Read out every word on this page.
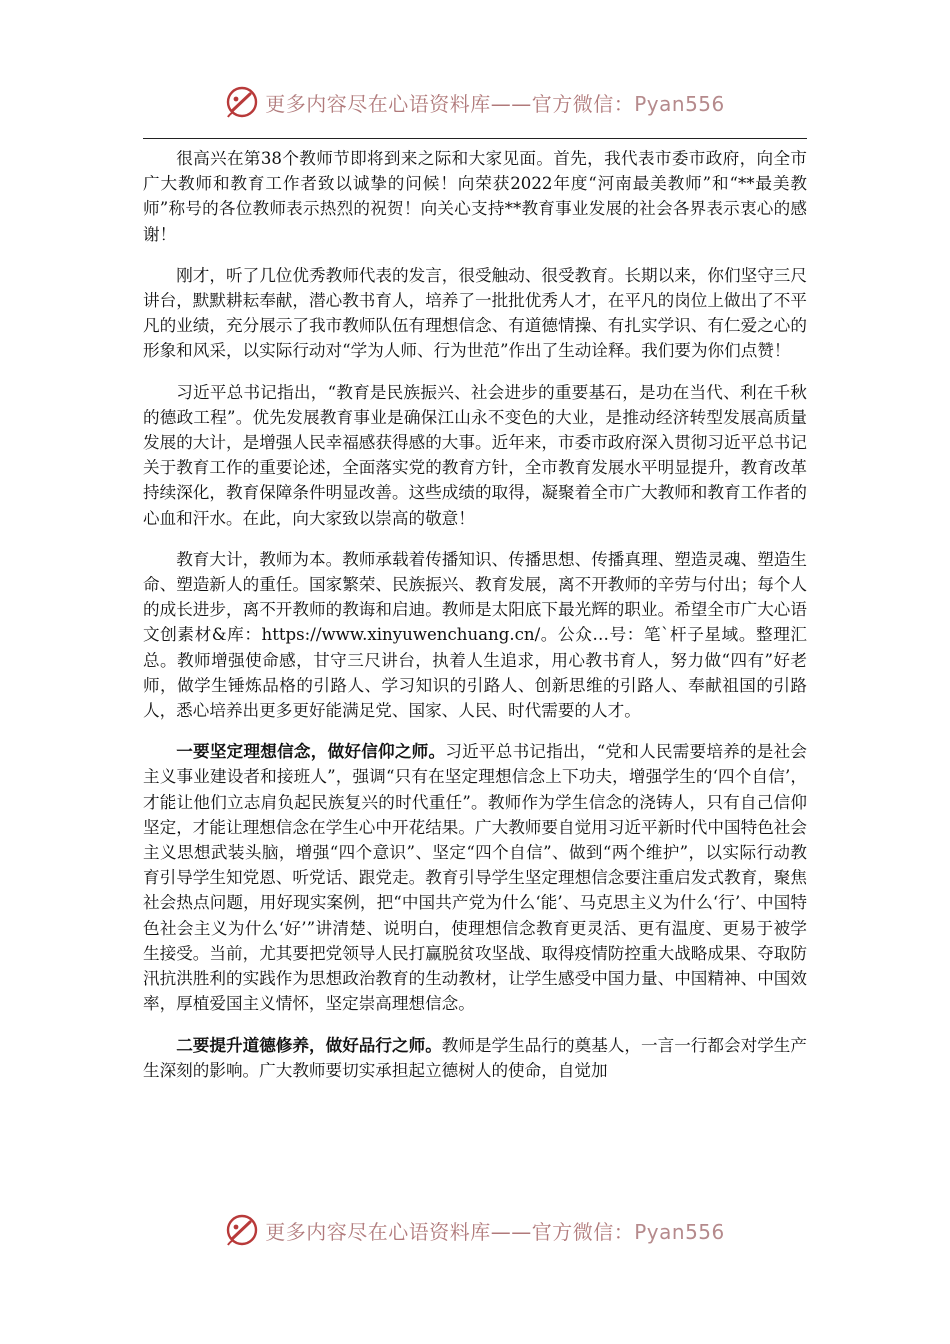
更多内容尽在心语资料库——官方微信：Pyan556

很高兴在第38个教师节即将到来之际和大家见面。首先，我代表市委市政府，向全市广大教师和教育工作者致以诚挚的问候！向荣获2022年度“河南最美教师”和“**最美教师”称号的各位教师表示热烈的祝贺！向关心支持**教育事业发展的社会各界表示衷心的感谢！

刚才，听了几位优秀教师代表的发言，很受触动、很受教育。长期以来，你们坚守三尺讲台，默默耕耘奉献，潜心教书育人，培养了一批批优秀人才，在平凡的岗位上做出了不平凡的业绩，充分展示了我市教师队伍有理想信念、有道德情操、有扎实学识、有仁爱之心的形象和风采，以实际行动对“学为人师、行为世范”作出了生动诠释。我们要为你们点赞！

习近平总书记指出，“教育是民族振兴、社会进步的重要基石，是功在当代、利在千秋的德政工程”。优先发展教育事业是确保江山永不变色的大业，是推动经济转型发展高质量发展的大计，是增强人民幸福感获得感的大事。近年来，市委市政府深入贯彻习近平总书记关于教育工作的重要论述，全面落实党的教育方针，全市教育发展水平明显提升，教育改革持续深化，教育保障条件明显改善。这些成绩的取得，凝聚着全市广大教师和教育工作者的心血和汗水。在此，向大家致以崇高的敬意！

教育大计，教师为本。教师承载着传播知识、传播思想、传播真理、塑造灵魂、塑造生命、塑造新人的重任。国家繁荣、民族振兴、教育发展，离不开教师的辛劳与付出；每个人的成长进步，离不开教师的教诲和启迪。教师是太阳底下最光辉的职业。希望全市广大心语文创素材&库：https://www.xinyuwenchuang.cn/。公众…号：笔`杆子星域。整理汇总。教师增强使命感，甘守三尺讲台，执着人生追求，用心教书育人，努力做“四有”好老师，做学生锤炼品格的引路人、学习知识的引路人、创新思维的引路人、奉献祖国的引路人，悉心培养出更多更好能满足党、国家、人民、时代需要的人才。

一要坚定理想信念，做好信仰之师。习近平总书记指出，“党和人民需要培养的是社会主义事业建设者和接班人”，强调“只有在坚定理想信念上下功夫，增强学生的‘四个自信’，才能让他们立志肩负起民族复兴的时代重任”。教师作为学生信念的浇铸人，只有自己信仰坚定，才能让理想信念在学生心中开花结果。广大教师要自觉用习近平新时代中国特色社会主义思想武装头脑，增强“四个意识”、坚定“四个自信”、做到“两个维护”，以实际行动教育引导学生知党恩、听党话、跟党走。教育引导学生坚定理想信念要注重启发式教育，聚焦社会热点问题，用好现实案例，把“中国共产党为什么‘能’、马克思主义为什么‘行’、中国特色社会主义为什么‘好’”讲清楚、说明白，使理想信念教育更灵活、更有温度、更易于被学生接受。当前，尤其要把党领导人民打赢脱贫攻坚战、取得疫情防控重大战略成果、夺取防汛抗洪胜利的实践作为思想政治教育的生动教材，让学生感受中国力量、中国精神、中国效率，厚植爱国主义情怀，坚定崇高理想信念。

二要提升道德修养，做好品行之师。教师是学生品行的奠基人，一言一行都会对学生产生深刻的影响。广大教师要切实承担起立德树人的使命，自觉加

更多内容尽在心语资料库——官方微信：Pyan556
